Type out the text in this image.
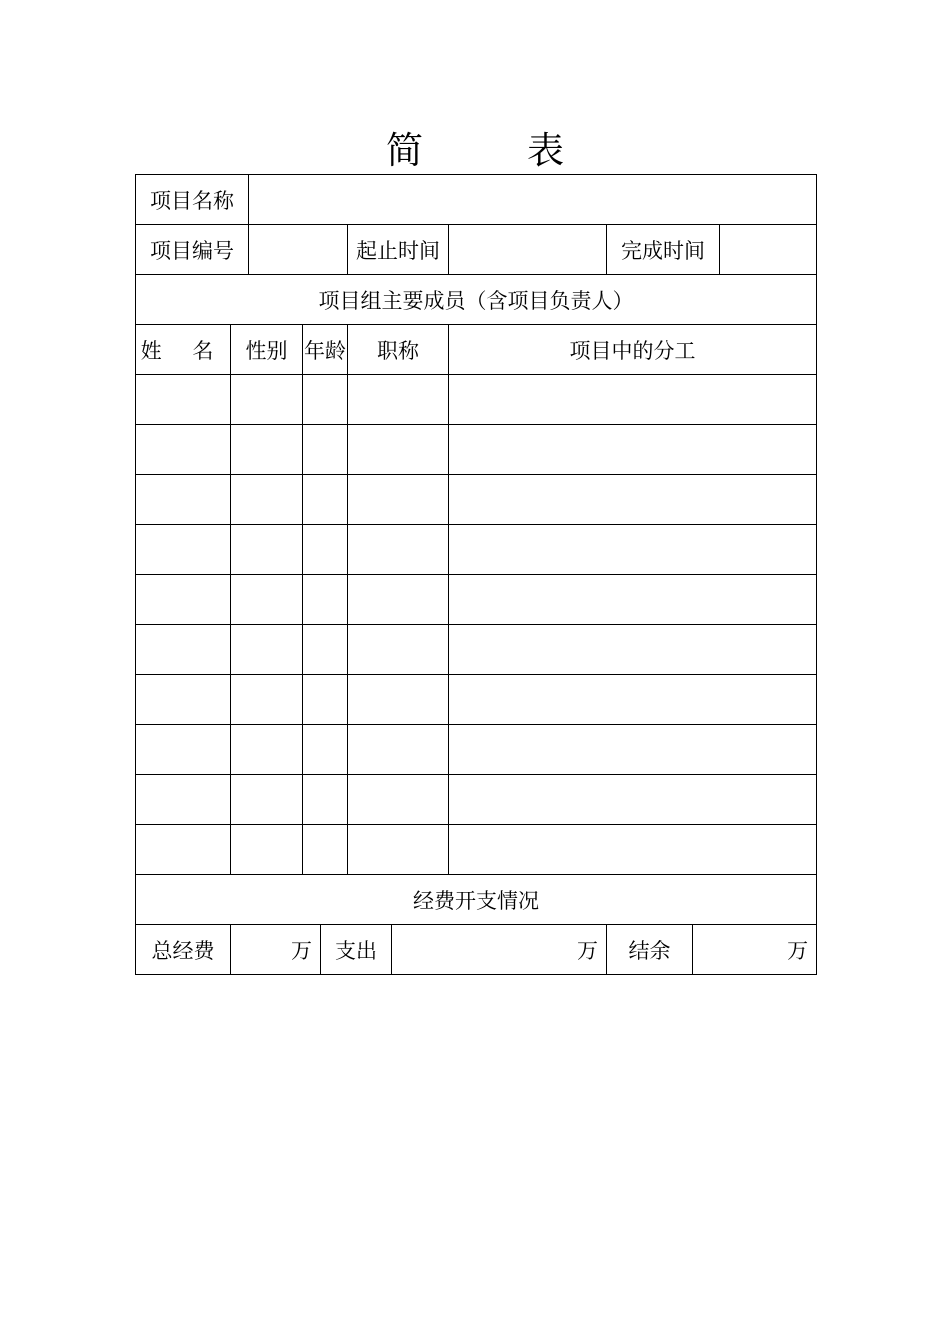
简	表
项目名称										
项目编号					起止时间			完成时间		
项目组主要成员（含项目负责人）										
姓 名	性别		年龄		职称		项目中的分工			

经费开支情况										
总经费	万			支出		万		结余	万	
